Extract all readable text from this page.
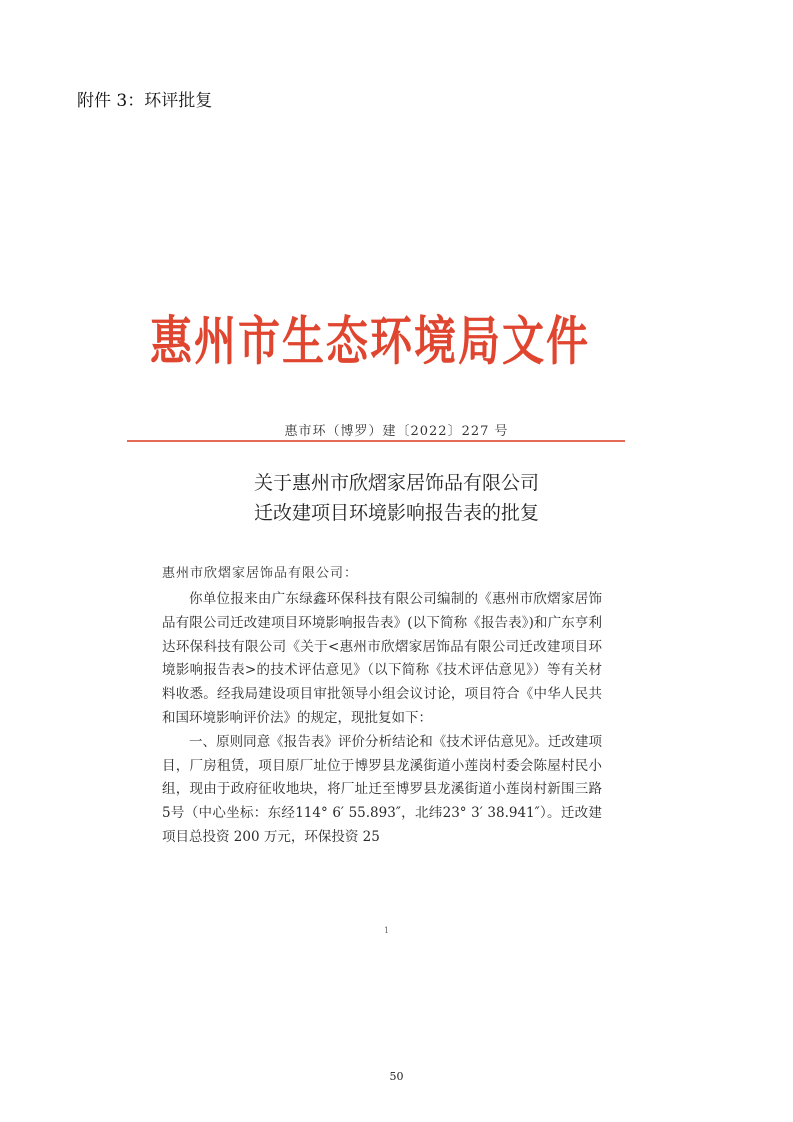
附件 3：环评批复
惠州市生态环境局文件
惠市环（博罗）建〔2022〕227 号
关于惠州市欣熠家居饰品有限公司
迁改建项目环境影响报告表的批复
惠州市欣熠家居饰品有限公司：

你单位报来由广东绿鑫环保科技有限公司编制的《惠州市欣熠家居饰品有限公司迁改建项目环境影响报告表》(以下简称《报告表》)和广东亨利达环保科技有限公司《关于<惠州市欣熠家居饰品有限公司迁改建项目环境影响报告表>的技术评估意见》（以下简称《技术评估意见》）等有关材料收悉。经我局建设项目审批领导小组会议讨论，项目符合《中华人民共和国环境影响评价法》的规定，现批复如下：

一、原则同意《报告表》评价分析结论和《技术评估意见》。迁改建项目，厂房租赁，项目原厂址位于博罗县龙溪街道小莲岗村委会陈屋村民小组，现由于政府征收地块，将厂址迁至博罗县龙溪街道小莲岗村新围三路5号（中心坐标：东经114° 6′ 55.893″，北纬23° 3′ 38.941″）。迁改建项目总投资 200 万元，环保投资 25

1
50
